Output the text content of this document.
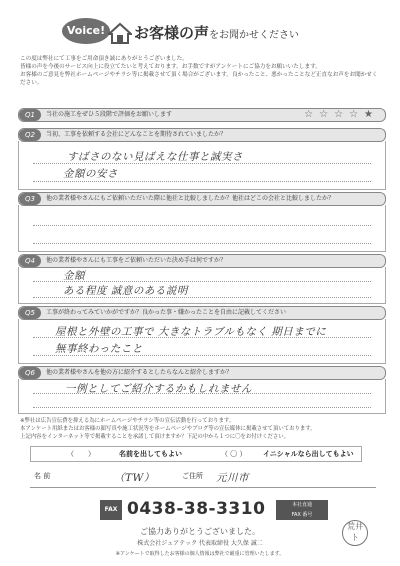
Voice!	お客様の声をお聞かせください

この度は弊社にて工事をご用命頂き誠にありがとうございました。

皆様の声を今後のサービス向上に役立てたいと考えております。お手数ですがアンケートにご協力をお願いいたします。

お客様のご意見を弊社ホームページやチラシ等に掲載させて頂く場合がございます。良かったこと、悪かったことなど正直なお声をお聞かせください。

Q1	当社の施工をぜひ５段階で評価をお願いします	☆☆☆☆★
Q2	当初、工事を依頼する会社にどんなことを期待されていましたか？
すばさのない見ばえな仕事と誠実さ
金額の安さ
Q3	他の業者様やさんにもご依頼いただいた際に他社と比較しましたか？他社はどこの会社と比較しましたか？
Q4	他の業者様やさんにも工事をご依頼いただいた決め手は何ですか？
金額
ある程度 誠意のある説明
Q5	工事が終わってみていかがですか？良かった事・嫌かったことを自由に記載してください
屋根と外壁の工事で 大きなトラブルもなく 期日までに
無事終わったこと
Q6	他の業者様やさんを他の方に紹介するとしたらなんと紹介しますか？
一例としてご紹介するかもしれません

※弊社は広告宣伝費を抑える為にホームページやチラシ等の宣伝活動を行っております。

本アンケート用紙またはお客様の顔写真や施工状況等をホームページやブログ等の宣伝媒体に掲載させて頂いております。

上記内容をインターネット等で掲載することを承諾して頂けますか？下記の中から１つに〇をお付けください。

（　　）	名前を出してもよい	（ 〇 ） イニシャルなら出してもよい
名 前	（TW）	ご住所 元川市
FAX 0438-38-3310	本社直通
FAX 番号
ご協力ありがとうございました。
株式会社ジェアテック 代表取締役 大久保 誠二
※アンケートで取得したお客様の個人情報は弊社で厳重に管理いたします。
荒井
ト
